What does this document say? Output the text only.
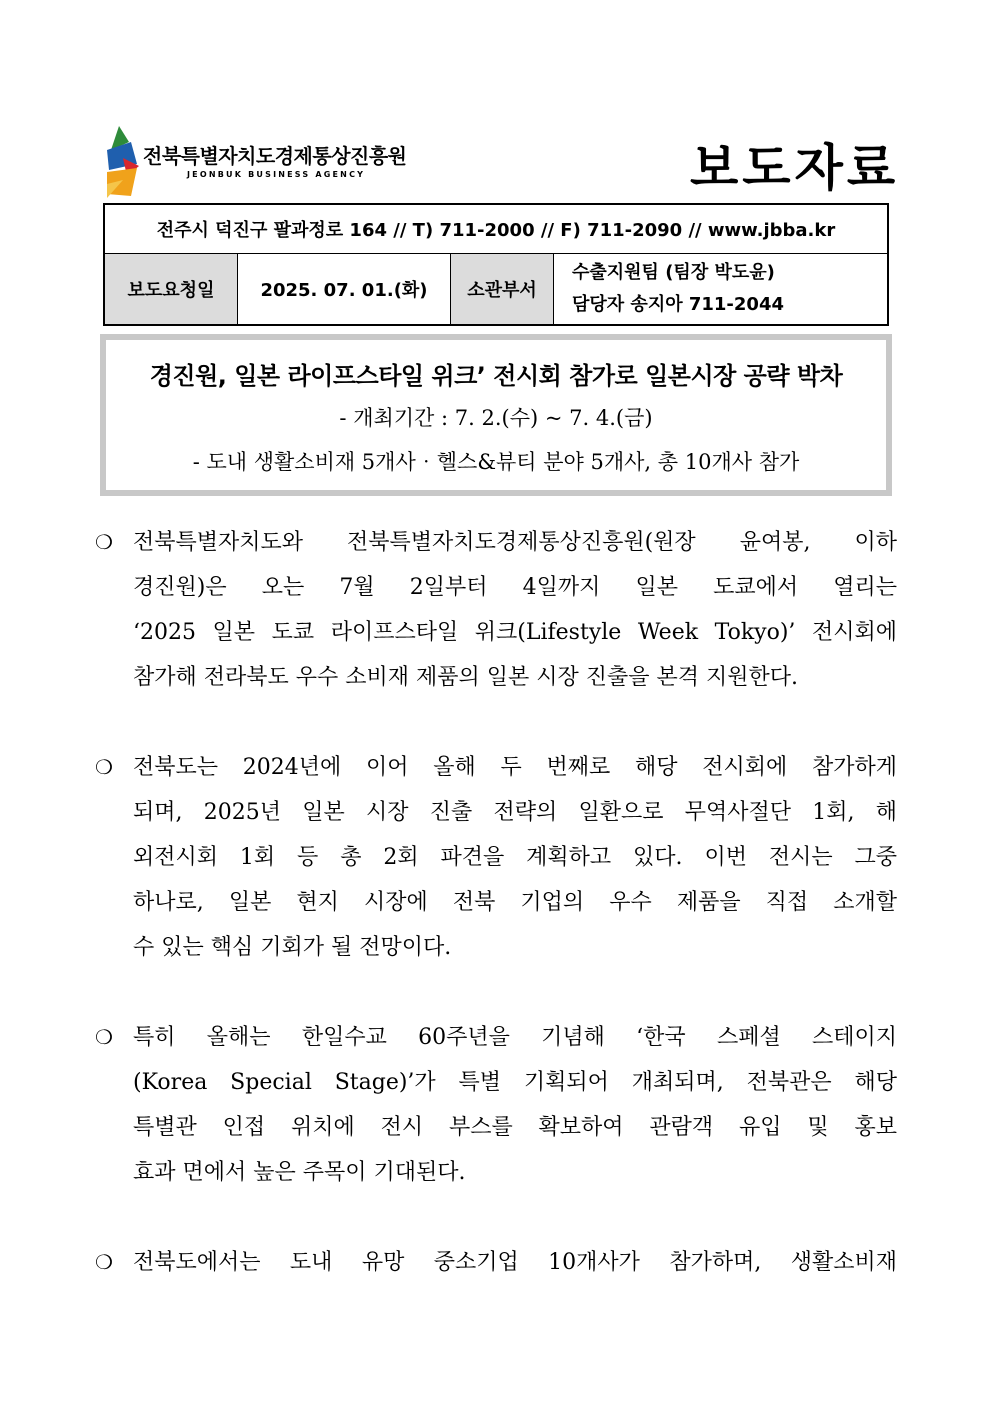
전북특별자치도경제통상진흥원
JEONBUK BUSINESS AGENCY	보도자료
전주시 덕진구 팔과정로 164 // T) 711-2000 // F) 711-2090 // www.jbba.kr
보도요청일	2025. 07. 01.(화)	소관부서	
수출지원팀 (팀장 박도윤)
담당자 송지아 711-2044
경진원, 일본 라이프스타일 위크’ 전시회 참가로 일본시장 공략 박차
- 개최기간 : 7. 2.(수) ~ 7. 4.(금)
- 도내 생활소비재 5개사‧헬스&뷰티 분야 5개사, 총 10개사 참가
❍ 전북특별자치도와 전북특별자치도경제통상진흥원(원장 윤여봉, 이하
경진원)은 오는 7월 2일부터 4일까지 일본 도쿄에서 열리는
‘2025 일본 도쿄 라이프스타일 위크(Lifestyle Week Tokyo)’ 전시회에
참가해 전라북도 우수 소비재 제품의 일본 시장 진출을 본격 지원한다.
❍ 전북도는 2024년에 이어 올해 두 번째로 해당 전시회에 참가하게
되며, 2025년 일본 시장 진출 전략의 일환으로 무역사절단 1회, 해
외전시회 1회 등 총 2회 파견을 계획하고 있다. 이번 전시는 그중
하나로, 일본 현지 시장에 전북 기업의 우수 제품을 직접 소개할
수 있는 핵심 기회가 될 전망이다.
❍ 특히 올해는 한일수교 60주년을 기념해 ‘한국 스페셜 스테이지
(Korea Special Stage)’가 특별 기획되어 개최되며, 전북관은 해당
특별관 인접 위치에 전시 부스를 확보하여 관람객 유입 및 홍보
효과 면에서 높은 주목이 기대된다.
❍ 전북도에서는 도내 유망 중소기업 10개사가 참가하며, 생활소비재
